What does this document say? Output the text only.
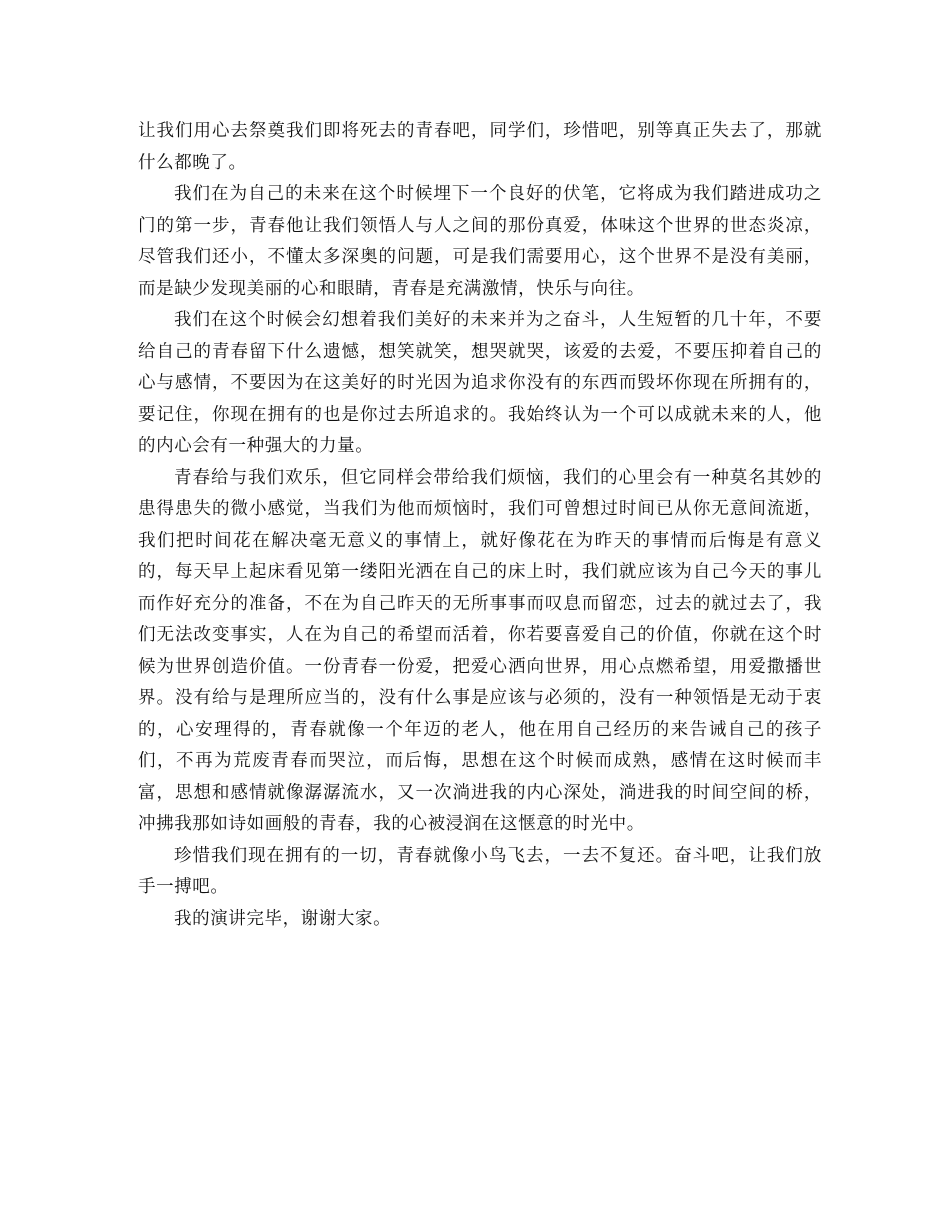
让我们用心去祭奠我们即将死去的青春吧，同学们，珍惜吧，别等真正失去了，那就什么都晚了。

我们在为自己的未来在这个时候埋下一个良好的伏笔，它将成为我们踏进成功之门的第一步，青春他让我们领悟人与人之间的那份真爱，体味这个世界的世态炎凉，尽管我们还小，不懂太多深奥的问题，可是我们需要用心，这个世界不是没有美丽，而是缺少发现美丽的心和眼睛，青春是充满激情，快乐与向往。

我们在这个时候会幻想着我们美好的未来并为之奋斗，人生短暂的几十年，不要给自己的青春留下什么遗憾，想笑就笑，想哭就哭，该爱的去爱，不要压抑着自己的心与感情，不要因为在这美好的时光因为追求你没有的东西而毁坏你现在所拥有的，要记住，你现在拥有的也是你过去所追求的。我始终认为一个可以成就未来的人，他的内心会有一种强大的力量。

青春给与我们欢乐，但它同样会带给我们烦恼，我们的心里会有一种莫名其妙的患得患失的微小感觉，当我们为他而烦恼时，我们可曾想过时间已从你无意间流逝，我们把时间花在解决毫无意义的事情上，就好像花在为昨天的事情而后悔是有意义的，每天早上起床看见第一缕阳光洒在自己的床上时，我们就应该为自己今天的事儿而作好充分的准备，不在为自己昨天的无所事事而叹息而留恋，过去的就过去了，我们无法改变事实，人在为自己的希望而活着，你若要喜爱自己的价值，你就在这个时候为世界创造价值。一份青春一份爱，把爱心洒向世界，用心点燃希望，用爱撒播世界。没有给与是理所应当的，没有什么事是应该与必须的，没有一种领悟是无动于衷的，心安理得的，青春就像一个年迈的老人，他在用自己经历的来告诫自己的孩子们，不再为荒废青春而哭泣，而后悔，思想在这个时候而成熟，感情在这时候而丰富，思想和感情就像潺潺流水，又一次淌进我的内心深处，淌进我的时间空间的桥，冲拂我那如诗如画般的青春，我的心被浸润在这惬意的时光中。

珍惜我们现在拥有的一切，青春就像小鸟飞去，一去不复还。奋斗吧，让我们放手一搏吧。

我的演讲完毕，谢谢大家。
